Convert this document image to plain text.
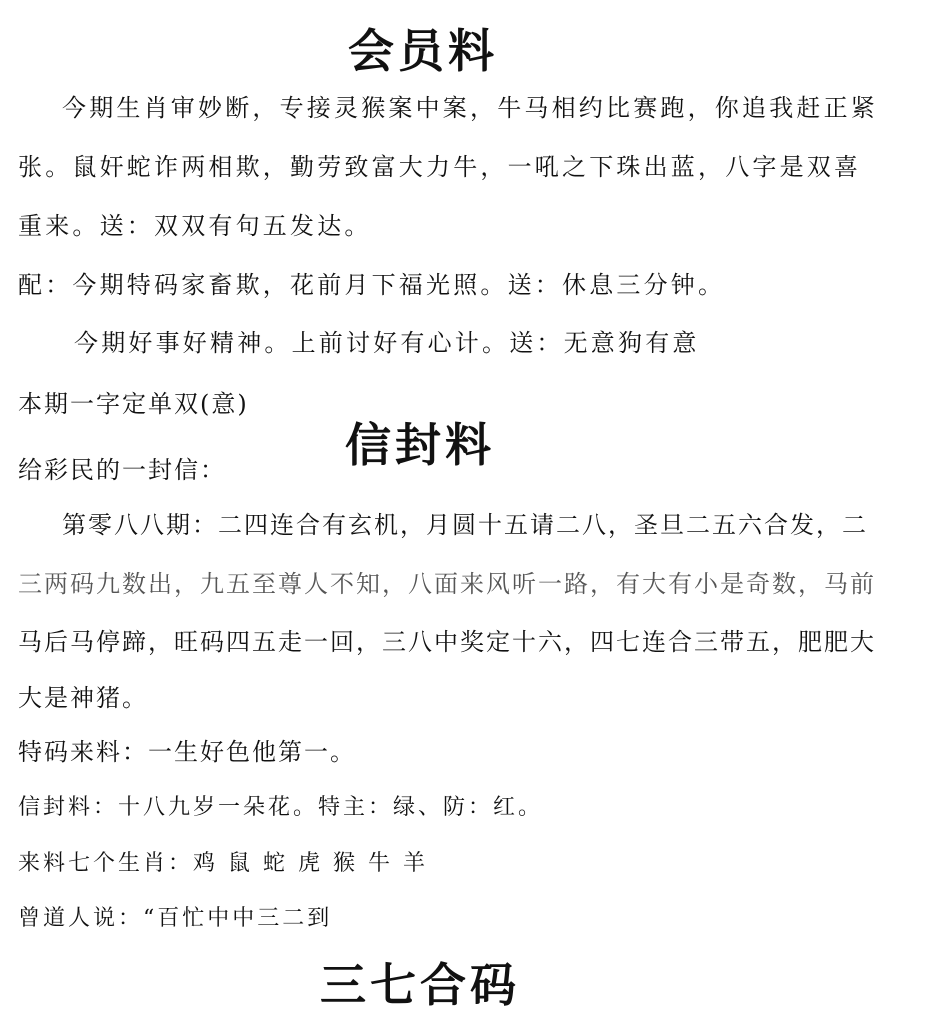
会员料
今期生肖审妙断，专接灵猴案中案，牛马相约比赛跑，你追我赶正紧
张。鼠奸蛇诈两相欺，勤劳致富大力牛，一吼之下珠出蓝，八字是双喜
重来。送：双双有句五发达。
配：今期特码家畜欺，花前月下福光照。送：休息三分钟。
今期好事好精神。上前讨好有心计。送：无意狗有意
本期一字定单双(意)
信封料
给彩民的一封信：
第零八八期：二四连合有玄机，月圆十五请二八，圣旦二五六合发，二
三两码九数出，九五至尊人不知，八面来风听一路，有大有小是奇数，马前
马后马停蹄，旺码四五走一回，三八中奖定十六，四七连合三带五，肥肥大
大是神猪。
特码来料：一生好色他第一。
信封料：十八九岁一朵花。特主：绿、防：红。
来料七个生肖：鸡 鼠 蛇 虎 猴 牛 羊
曾道人说：“百忙中中三二到
三七合码
